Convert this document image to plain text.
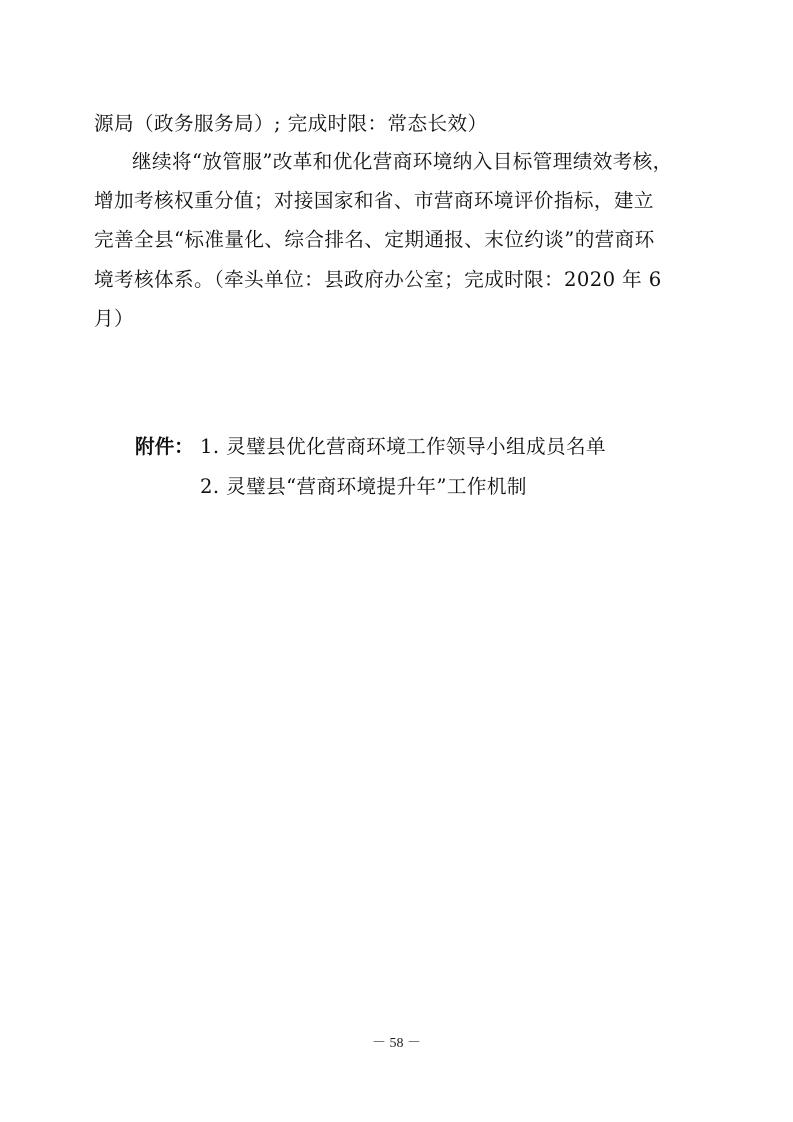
源局（政务服务局）; 完成时限：常态长效）
继续将“放管服”改革和优化营商环境纳入目标管理绩效考核，
增加考核权重分值；对接国家和省、市营商环境评价指标，建立
完善全县“标准量化、综合排名、定期通报、末位约谈”的营商环
境考核体系。（牵头单位：县政府办公室；完成时限：2020 年 6
月）
附件： 1. 灵璧县优化营商环境工作领导小组成员名单
2. 灵璧县“营商环境提升年”工作机制
－ 58 －
